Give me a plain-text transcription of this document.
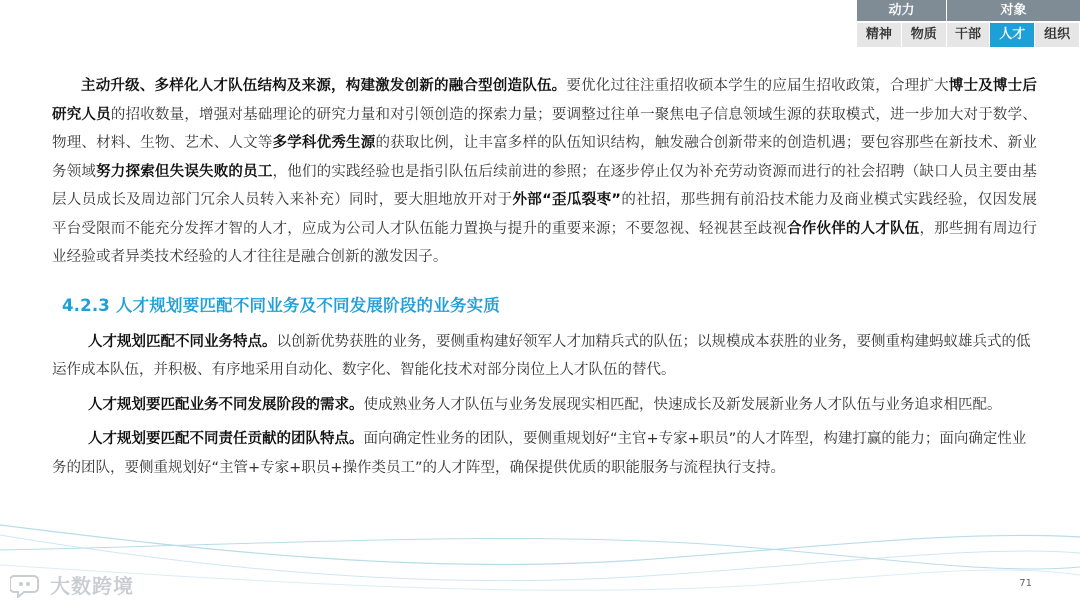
动力	对象
精神	物质	干部	人才	组织

主动升级、多样化人才队伍结构及来源，构建激发创新的融合型创造队伍。要优化过往注重招收硕本学生的应届生招收政策，合理扩大博士及博士后研究人员的招收数量，增强对基础理论的研究力量和对引领创造的探索力量；要调整过往单一聚焦电子信息领域生源的获取模式，进一步加大对于数学、物理、材料、生物、艺术、人文等多学科优秀生源的获取比例，让丰富多样的队伍知识结构，触发融合创新带来的创造机遇；要包容那些在新技术、新业务领域努力探索但失误失败的员工，他们的实践经验也是指引队伍后续前进的参照；在逐步停止仅为补充劳动资源而进行的社会招聘（缺口人员主要由基层人员成长及周边部门冗余人员转入来补充）同时，要大胆地放开对于外部“歪瓜裂枣”的社招，那些拥有前沿技术能力及商业模式实践经验，仅因发展平台受限而不能充分发挥才智的人才，应成为公司人才队伍能力置换与提升的重要来源；不要忽视、轻视甚至歧视合作伙伴的人才队伍，那些拥有周边行业经验或者异类技术经验的人才往往是融合创新的激发因子。

4.2.3 人才规划要匹配不同业务及不同发展阶段的业务实质

人才规划匹配不同业务特点。以创新优势获胜的业务，要侧重构建好领军人才加精兵式的队伍；以规模成本获胜的业务，要侧重构建蚂蚁雄兵式的低运作成本队伍，并积极、有序地采用自动化、数字化、智能化技术对部分岗位上人才队伍的替代。

人才规划要匹配业务不同发展阶段的需求。使成熟业务人才队伍与业务发展现实相匹配，快速成长及新发展新业务人才队伍与业务追求相匹配。

人才规划要匹配不同责任贡献的团队特点。面向确定性业务的团队，要侧重规划好“主官+专家+职员”的人才阵型，构建打赢的能力；面向确定性业务的团队，要侧重规划好“主管+专家+职员+操作类员工”的人才阵型，确保提供优质的职能服务与流程执行支持。

大数跨境	71
